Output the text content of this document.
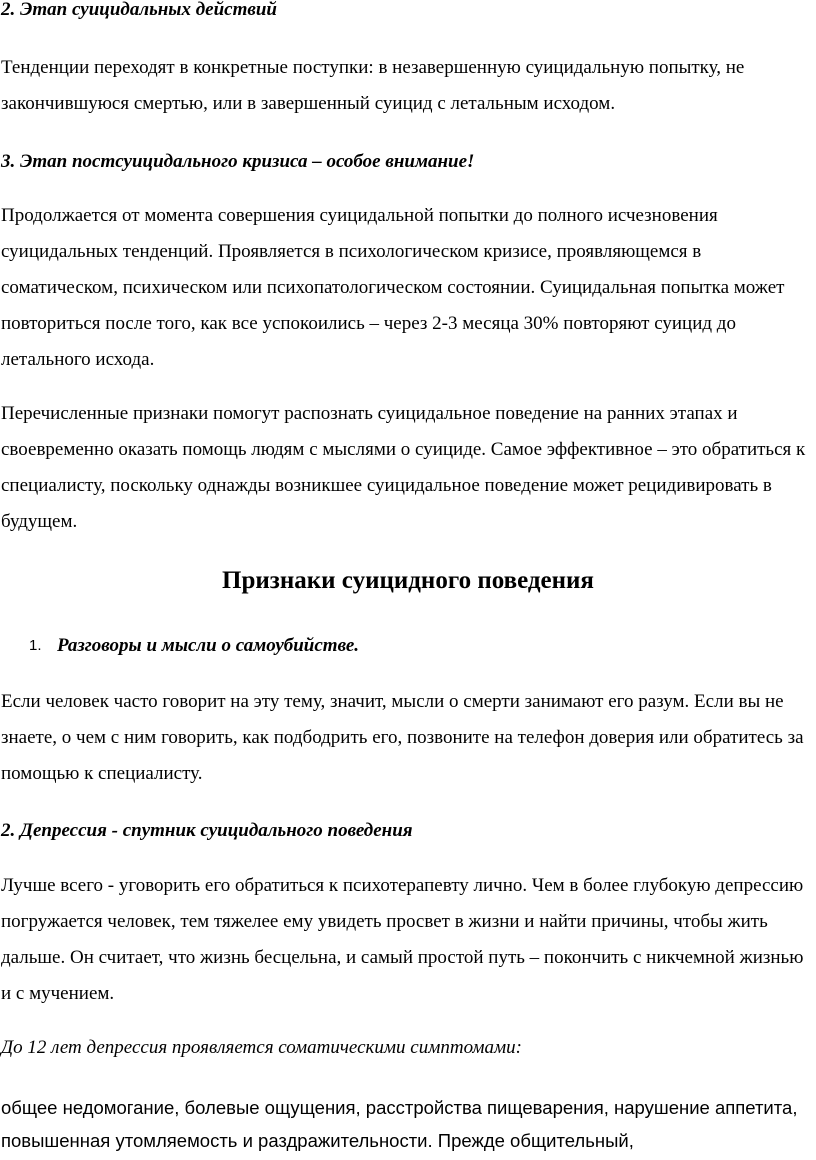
2. Этап суицидальных действий

Тенденции переходят в конкретные поступки: в незавершенную суицидальную попытку, не закончившуюся смертью, или в завершенный суицид с летальным исходом.

3. Этап постсуицидального кризиса – особое внимание!

Продолжается от момента совершения суицидальной попытки до полного исчезновения суицидальных тенденций. Проявляется в психологическом кризисе, проявляющемся в соматическом, психическом или психопатологическом состоянии. Суицидальная попытка может повториться после того, как все успокоились – через 2-3 месяца 30% повторяют суицид до летального исхода.

Перечисленные признаки помогут распознать суицидальное поведение на ранних этапах и своевременно оказать помощь людям с мыслями о суициде. Самое эффективное – это обратиться к специалисту, поскольку однажды возникшее суицидальное поведение может рецидивировать в будущем.

Признаки суицидного поведения
1. Разговоры и мысли о самоубийстве.

Если человек часто говорит на эту тему, значит, мысли о смерти занимают его разум. Если вы не знаете, о чем с ним говорить, как подбодрить его, позвоните на телефон доверия или обратитесь за помощью к специалисту.

2. Депрессия - спутник суицидального поведения

Лучше всего - уговорить его обратиться к психотерапевту лично. Чем в более глубокую депрессию погружается человек, тем тяжелее ему увидеть просвет в жизни и найти причины, чтобы жить дальше. Он считает, что жизнь бесцельна, и самый простой путь – покончить с никчемной жизнью и с мучением.

До 12 лет депрессия проявляется соматическими симптомами:

общее недомогание, болевые ощущения, расстройства пищеварения, нарушение аппетита, повышенная утомляемость и раздражительности. Прежде общительный,
